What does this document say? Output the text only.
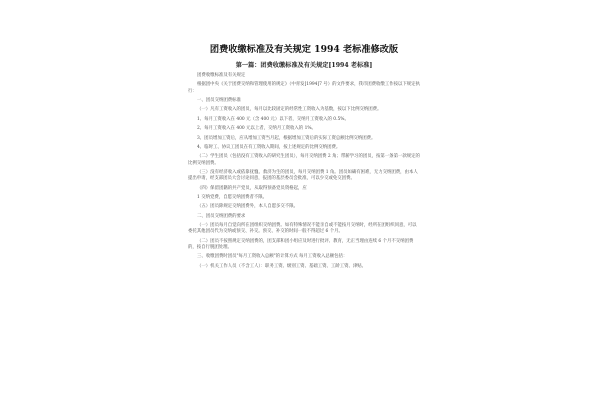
团费收缴标准及有关规定 1994 老标准修改版
第一篇：团费收缴标准及有关规定[1994 老标准]
团费收缴标准及有关规定
根据团中央《关于团费交纳和管理使用的规定》（中青发[1994]7 号）的文件要求，我市团费收缴工作按以下规定执行：
一、团员交纳团费标准
（一）凡有工资收入的团员，每月以比较固定的经常性工资收入为基数，按以下比例交纳团费。
1、每月工资收入在 400 元（含 400 元）以下者，交纳月工资收入的 0.5%。
2、每月工资收入在 400 元以上者，交纳月工资收入的 1%。
3、团员增加工资后，应从增加工资当月起，根据增加工资后的实际工资总额比例交纳团费。
4、临时工、协议工团员在有工资收入期间，按上述规定的比例交纳团费。
（二）学生团员（包括没有工资收入的研究生团员），每月交纳团费 2 角；带薪学习的团员，按第一条第一款规定的比例交纳团费。
（三）没有经济收入或依靠抚恤、救济为生的团员，每月交纳团费 1 角。团员如确有困难，无力交纳团费，由本人提出申请，经支部团员大会讨论同意，报团的基层委员会批准，可以少交或免交团费。
（四）保留团籍的共产党员，从取得预备党员资格起，应
1 交纳党费，自愿交纳团费者不限。
（五）团员除规定交纳团费外，本人自愿多交不限。
二、团员交纳团费的要求
（一）团员每月自觉向所在团组织交纳团费。如有特殊情况不能亲自或不能按月交纳时，经所在团组织同意，可以委托其他团员代为交纳或预交、补交。预交、补交的时间一般不得超过 6 个月。
（二）团员不按照规定交纳团费的，团支部和团小组应及时进行批评、教育，无正当理由连续 6 个月不交纳团费的，按自行脱团处理。
三、收缴团费时团员"每月工资收入总额"的计算方式 每月工资收入总额包括：
（一）机关工作人员（不含工人）：职务工资、级别工资、基础工资、工龄工资、津贴。
